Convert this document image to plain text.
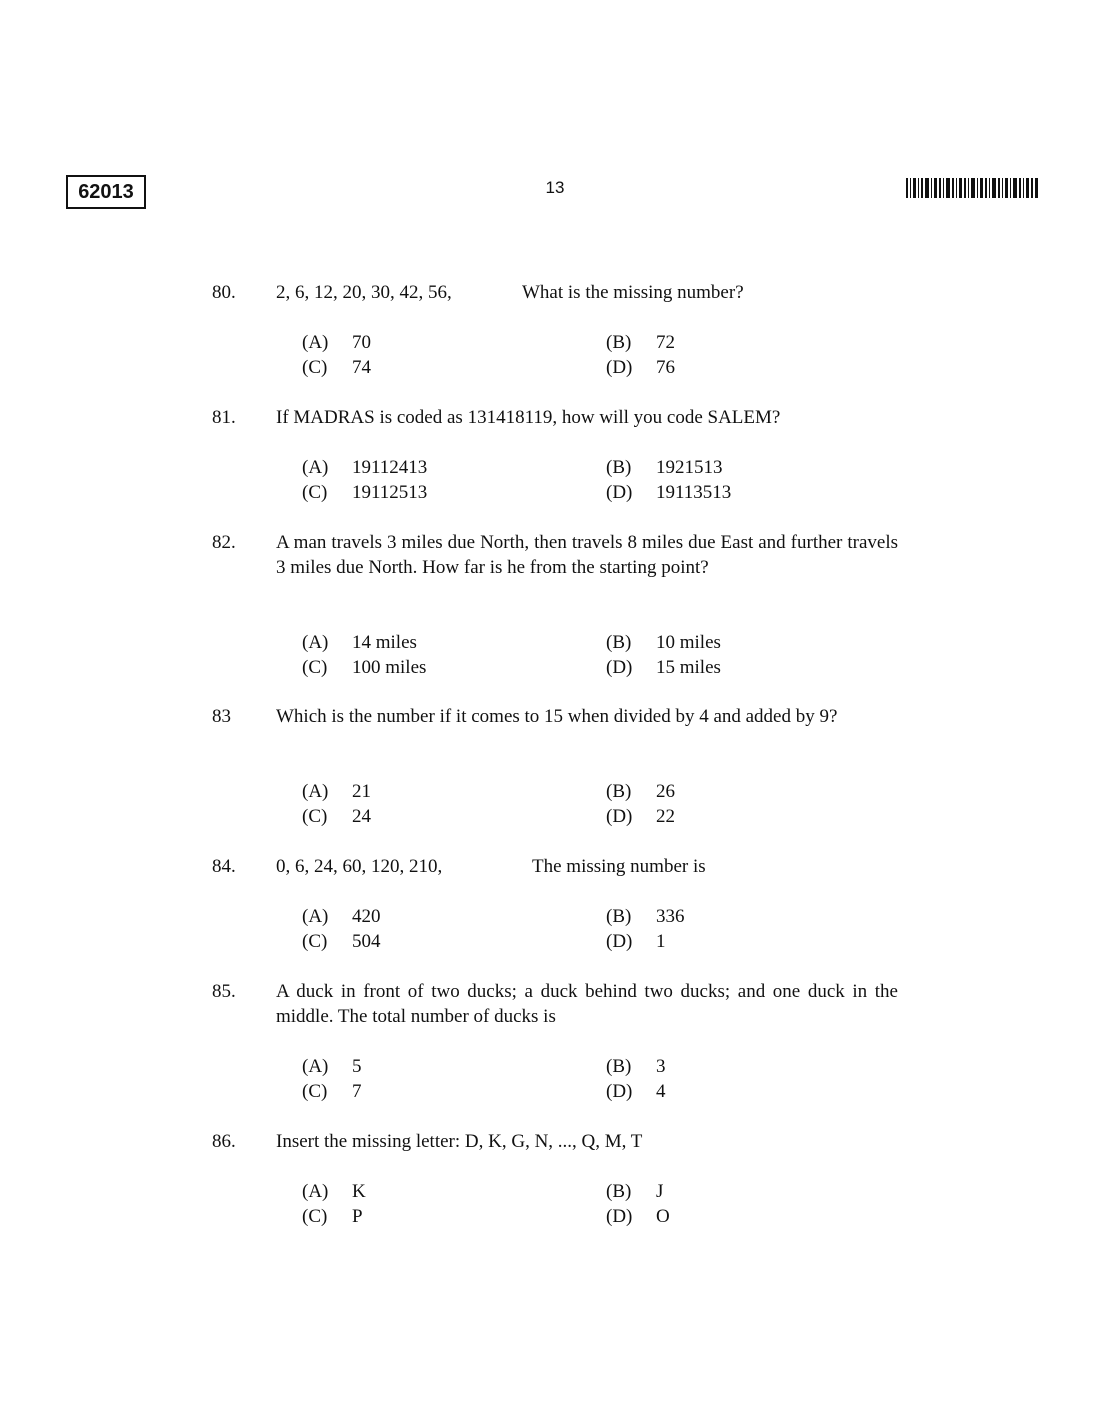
62013	13
80. 2, 6, 12, 20, 30, 42, 56,	What is the missing number?
(A) 70	(B) 72
(C) 74	(D) 76
81. If MADRAS is coded as 131418119, how will you code SALEM?
(A) 19112413	(B) 1921513
(C) 19112513	(D) 19113513
82. A man travels 3 miles due North, then travels 8 miles due East and further travels 3 miles due North. How far is he from the starting point?
(A) 14 miles	(B) 10 miles
(C) 100 miles	(D) 15 miles
83 Which is the number if it comes to 15 when divided by 4 and added by 9?
(A) 21	(B) 26
(C) 24	(D) 22
84. 0, 6, 24, 60, 120, 210,	The missing number is
(A) 420	(B) 336
(C) 504	(D) 1
85. A duck in front of two ducks; a duck behind two ducks; and one duck in the middle. The total number of ducks is
(A) 5	(B) 3
(C) 7	(D) 4
86. Insert the missing letter: D, K, G, N, ..., Q, M, T
(A) K	(B) J
(C) P	(D) O
